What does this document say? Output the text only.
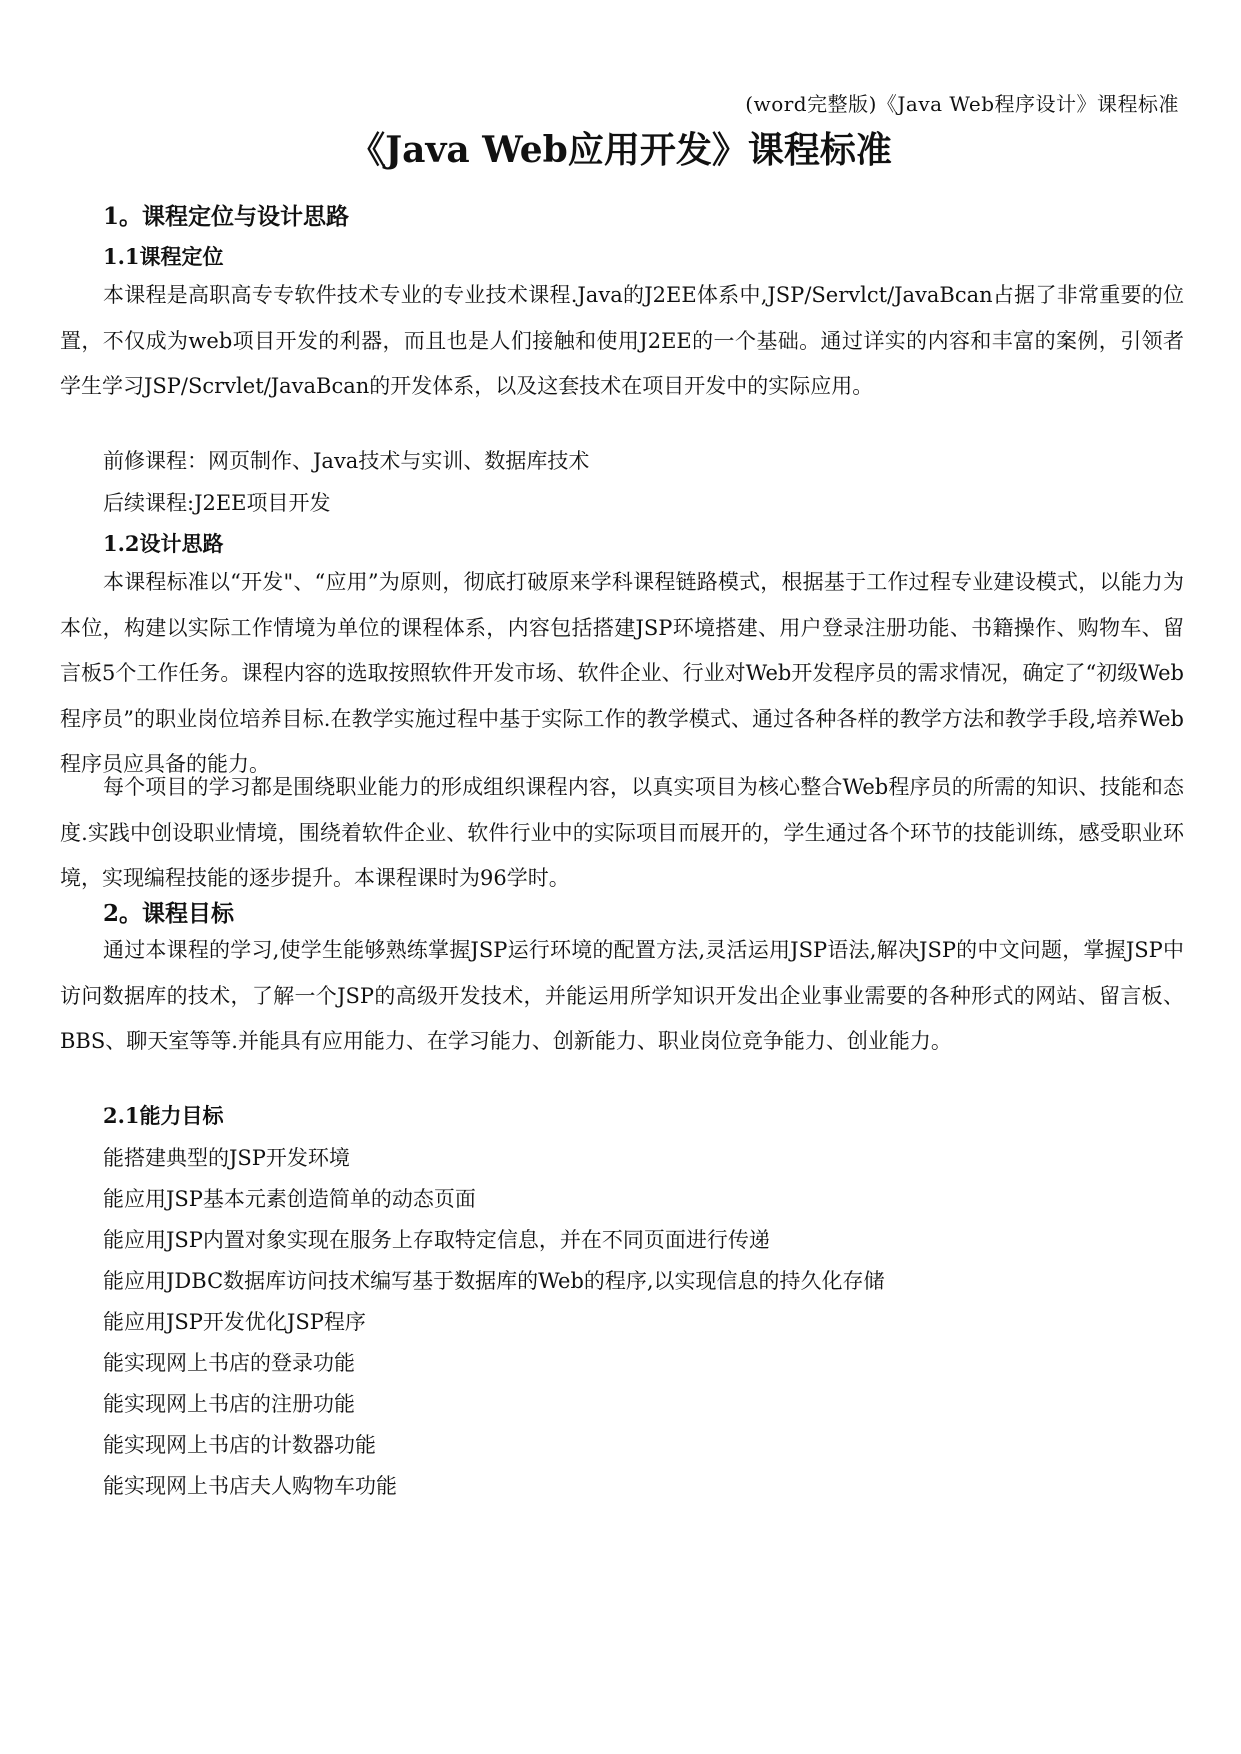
(word完整版)《Java Web程序设计》课程标准
《Java Web应用开发》课程标准
1。课程定位与设计思路
1.1课程定位

本课程是高职高专专软件技术专业的专业技术课程.Java的J2EE体系中,JSP/Servlct/JavaBcan占据了非常重要的位置，不仅成为web项目开发的利器，而且也是人们接触和使用J2EE的一个基础。通过详实的内容和丰富的案例，引领者学生学习JSP/Scrvlet/JavaBcan的开发体系，以及这套技术在项目开发中的实际应用。

前修课程：网页制作、Java技术与实训、数据库技术
后续课程:J2EE项目开发
1.2设计思路

本课程标准以“开发"、“应用”为原则，彻底打破原来学科课程链路模式，根据基于工作过程专业建设模式，以能力为本位，构建以实际工作情境为单位的课程体系，内容包括搭建JSP环境搭建、用户登录注册功能、书籍操作、购物车、留言板5个工作任务。课程内容的选取按照软件开发市场、软件企业、行业对Web开发程序员的需求情况，确定了“初级Web程序员”的职业岗位培养目标.在教学实施过程中基于实际工作的教学模式、通过各种各样的教学方法和教学手段,培养Web程序员应具备的能力。

每个项目的学习都是围绕职业能力的形成组织课程内容，以真实项目为核心整合Web程序员的所需的知识、技能和态度.实践中创设职业情境，围绕着软件企业、软件行业中的实际项目而展开的，学生通过各个环节的技能训练，感受职业环境，实现编程技能的逐步提升。本课程课时为96学时。

2。课程目标

通过本课程的学习,使学生能够熟练掌握JSP运行环境的配置方法,灵活运用JSP语法,解决JSP的中文问题，掌握JSP中访问数据库的技术，了解一个JSP的高级开发技术，并能运用所学知识开发出企业事业需要的各种形式的网站、留言板、BBS、聊天室等等.并能具有应用能力、在学习能力、创新能力、职业岗位竞争能力、创业能力。

2.1能力目标
能搭建典型的JSP开发环境
能应用JSP基本元素创造简单的动态页面
能应用JSP内置对象实现在服务上存取特定信息，并在不同页面进行传递
能应用JDBC数据库访问技术编写基于数据库的Web的程序,以实现信息的持久化存储
能应用JSP开发优化JSP程序
能实现网上书店的登录功能
能实现网上书店的注册功能
能实现网上书店的计数器功能
能实现网上书店夫人购物车功能
